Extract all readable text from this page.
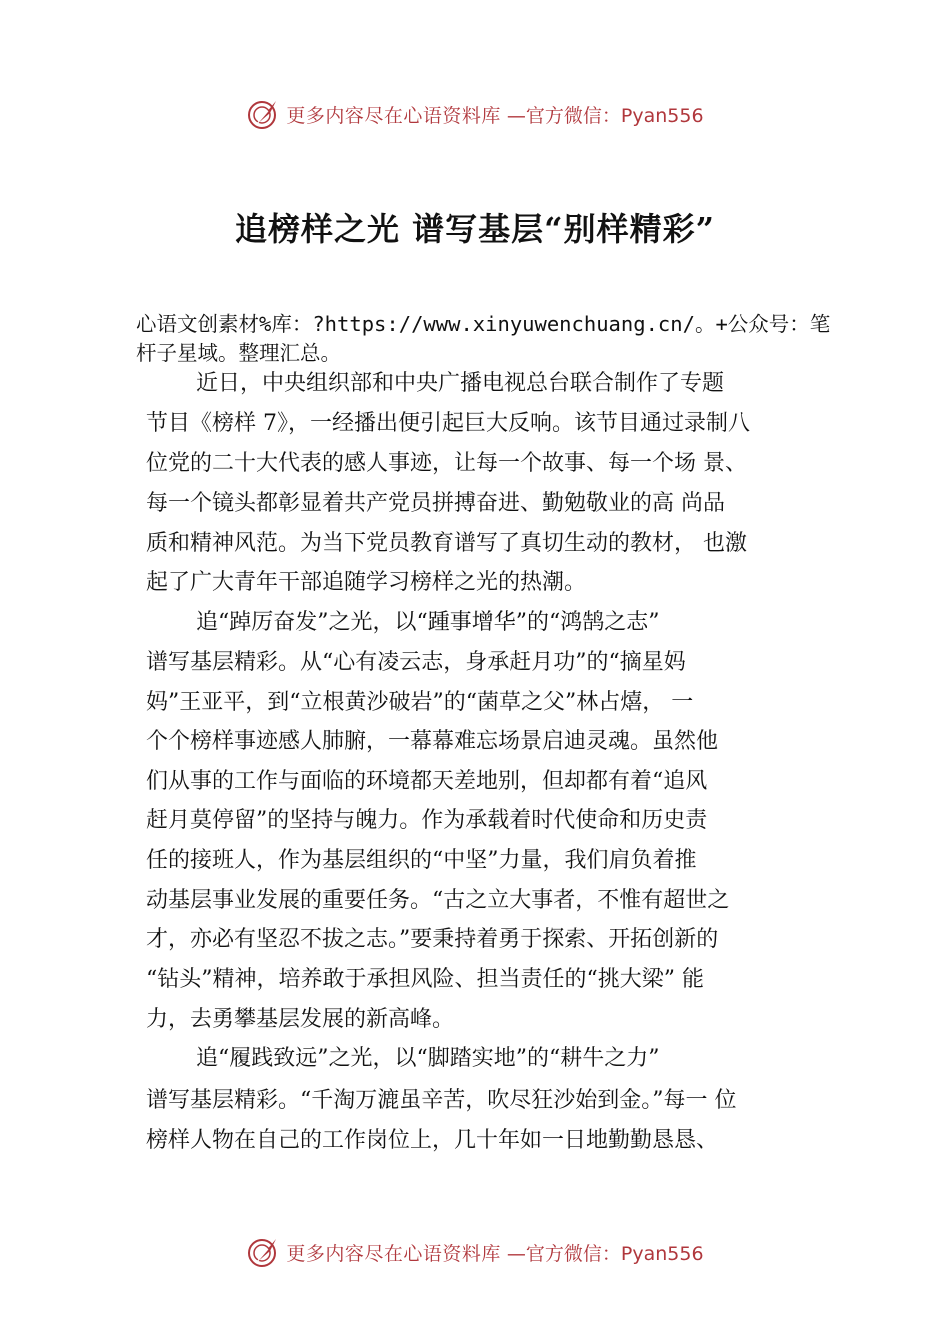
更多内容尽在心语资料库 —官方微信：Pyan556
追榜样之光 谱写基层“别样精彩”

心语文创素材%库：?https://www.xinyuwenchuang.cn/。+公众号：笔杆子星域。整理汇总。

近日，中央组织部和中央广播电视总台联合制作了专题
节目《榜样 7》，一经播出便引起巨大反响。该节目通过录制八
位党的二十大代表的感人事迹，让每一个故事、每一个场 景、
每一个镜头都彰显着共产党员拼搏奋进、勤勉敬业的高 尚品
质和精神风范。为当下党员教育谱写了真切生动的教材， 也激
起了广大青年干部追随学习榜样之光的热潮。
追“踔厉奋发”之光，以“踵事增华”的“鸿鹄之志”
谱写基层精彩。从“心有凌云志，身承赶月功”的“摘星妈
妈”王亚平，到“立根黄沙破岩”的“菌草之父”林占熺， 一
个个榜样事迹感人肺腑，一幕幕难忘场景启迪灵魂。虽然他
们从事的工作与面临的环境都天差地别，但却都有着“追风
赶月莫停留”的坚持与魄力。作为承载着时代使命和历史责
任的接班人，作为基层组织的“中坚”力量，我们肩负着推
动基层事业发展的重要任务。“古之立大事者，不惟有超世之
才，亦必有坚忍不拔之志。”要秉持着勇于探索、开拓创新的
“钻头”精神，培养敢于承担风险、担当责任的“挑大梁” 能
力，去勇攀基层发展的新高峰。
追“履践致远”之光，以“脚踏实地”的“耕牛之力”
谱写基层精彩。“千淘万漉虽辛苦，吹尽狂沙始到金。”每一 位
榜样人物在自己的工作岗位上，几十年如一日地勤勤恳恳、
更多内容尽在心语资料库 —官方微信：Pyan556
